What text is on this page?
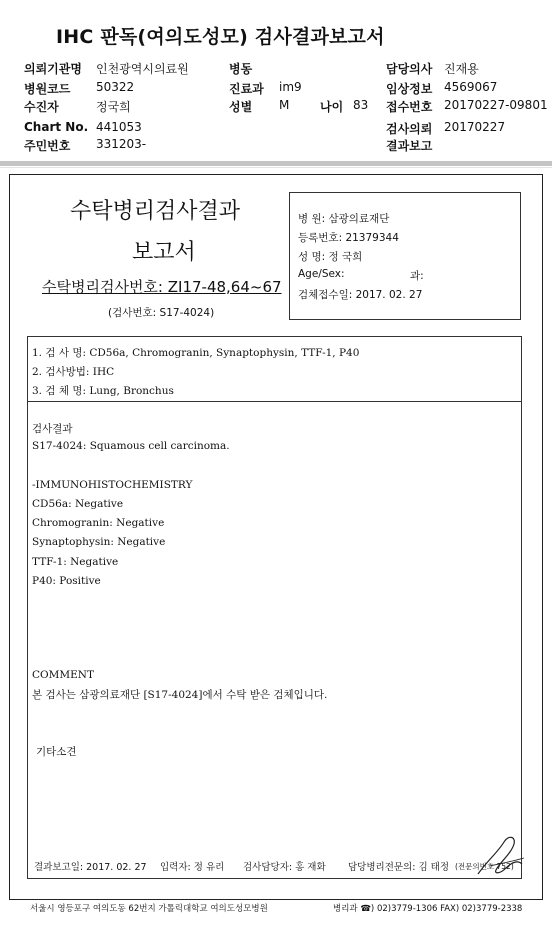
IHC 판독(여의도성모) 검사결과보고서
의뢰기관명 인천광역시의료원	병동	담당의사 진재용
병원코드 50322	진료과 im9	임상정보 4569067
수진자	정국희	성별 M	나이 83 접수번호 20170227-09801
Chart No. 441053	검사의뢰 20170227
주민번호 331203-	결과보고
수탁병리검사결과
보고서
수탁병리검사번호: ZI17-48,64~67
(검사번호: S17-4024)
병 원: 삼광의료재단
등록번호: 21379344
성 명: 정 국희
Age/Sex:	과:
검체접수일: 2017. 02. 27
1. 검 사 명: CD56a, Chromogranin, Synaptophysin, TTF-1, P40
2. 검사방법: IHC
3. 검 체 명: Lung, Bronchus
검사결과
S17-4024: Squamous cell carcinoma.
-IMMUNOHISTOCHEMISTRY
CD56a: Negative
Chromogranin: Negative
Synaptophysin: Negative
TTF-1: Negative
P40: Positive
COMMENT
본 검사는 삼광의료재단 [S17-4024]에서 수탁 받은 검체입니다.
기타소견
결과보고일: 2017. 02. 27 입력자: 정 유리 검사담당자: 홍 재화 담당병리전문의: 김 태정 (전문의번호 752)
서울시 영등포구 여의도동 62번지 가톨릭대학교 여의도성모병원	병리과 ☎) 02)3779-1306 FAX) 02)3779-2338
